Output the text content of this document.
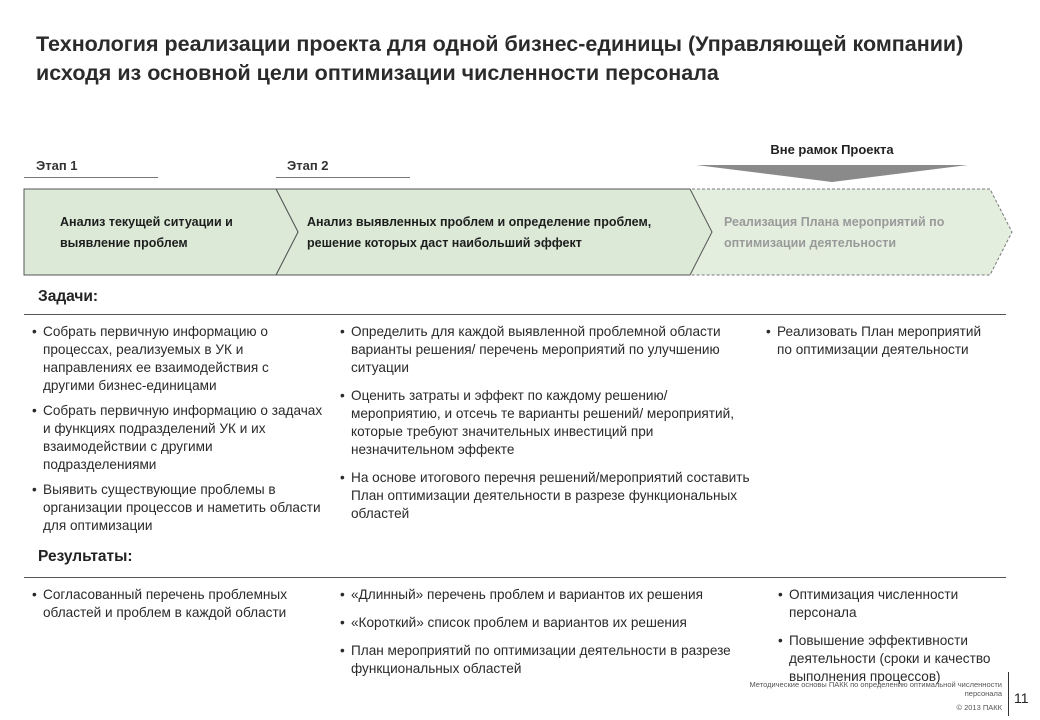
Технология реализации проекта для одной бизнес-единицы (Управляющей компании) исходя из основной цели оптимизации численности персонала
Этап 1	Этап 2
Вне рамок Проекта
Анализ текущей ситуации и выявление проблем
Анализ выявленных проблем и определение проблем, решение которых даст наибольший эффект
Реализация Плана мероприятий по оптимизации деятельности
Задачи:
• Собрать первичную информацию о процессах, реализуемых в УК и направлениях ее взаимодействия с другими бизнес-единицами
• Собрать первичную информацию о задачах и функциях подразделений УК и их взаимодействии с другими подразделениями
• Выявить существующие проблемы в организации процессов и наметить области для оптимизации
• Определить для каждой выявленной проблемной области варианты решения/ перечень мероприятий по улучшению ситуации
• Оценить затраты и эффект по каждому решению/ мероприятию, и отсечь те варианты решений/ мероприятий, которые требуют значительных инвестиций при незначительном эффекте
• На основе итогового перечня решений/мероприятий составить План оптимизации деятельности в разрезе функциональных областей
• Реализовать План мероприятий по оптимизации деятельности
Результаты:
• Согласованный перечень проблемных областей и проблем в каждой области
• «Длинный» перечень проблем и вариантов их решения
• «Короткий» список проблем и вариантов их решения
• План мероприятий по оптимизации деятельности в разрезе функциональных областей
• Оптимизация численности персонала
• Повышение эффективности деятельности (сроки и качество выполнения процессов)
Методические основы ПАКК по определению оптимальной численности персонала
© 2013 ПАКК
11
